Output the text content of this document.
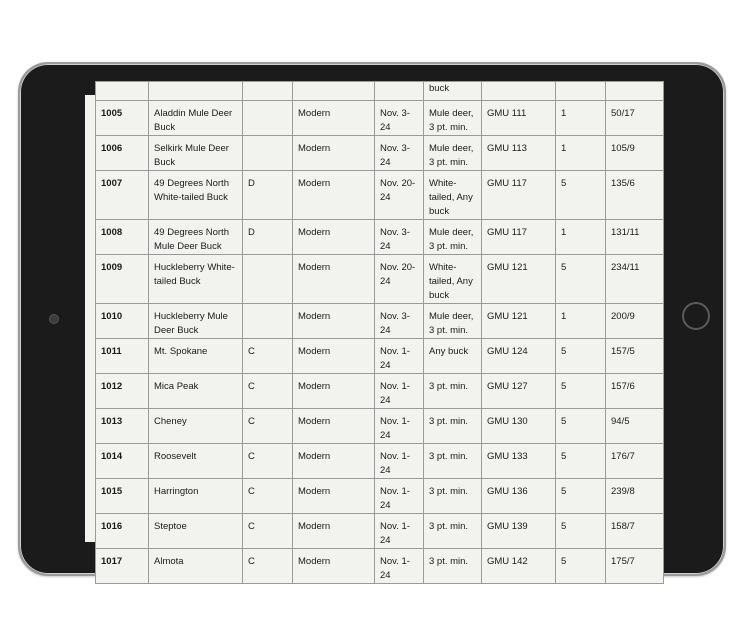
					buck			
1005	Aladdin Mule Deer Buck		Modern	Nov. 3-24	Mule deer, 3 pt. min.	GMU 111	1	50/17
1006	Selkirk Mule Deer Buck		Modern	Nov. 3-24	Mule deer, 3 pt. min.	GMU 113	1	105/9
1007	49 Degrees North White-tailed Buck	D	Modern	Nov. 20-24	White-tailed, Any buck	GMU 117	5	135/6
1008	49 Degrees North Mule Deer Buck	D	Modern	Nov. 3-24	Mule deer, 3 pt. min.	GMU 117	1	131/11
1009	Huckleberry White-tailed Buck		Modern	Nov. 20-24	White-tailed, Any buck	GMU 121	5	234/11
1010	Huckleberry Mule Deer Buck		Modern	Nov. 3-24	Mule deer, 3 pt. min.	GMU 121	1	200/9
1011	Mt. Spokane	C	Modern	Nov. 1-24	Any buck	GMU 124	5	157/5
1012	Mica Peak	C	Modern	Nov. 1-24	3 pt. min.	GMU 127	5	157/6
1013	Cheney	C	Modern	Nov. 1-24	3 pt. min.	GMU 130	5	94/5
1014	Roosevelt	C	Modern	Nov. 1-24	3 pt. min.	GMU 133	5	176/7
1015	Harrington	C	Modern	Nov. 1-24	3 pt. min.	GMU 136	5	239/8
1016	Steptoe	C	Modern	Nov. 1-24	3 pt. min.	GMU 139	5	158/7
1017	Almota	C	Modern	Nov. 1-24	3 pt. min.	GMU 142	5	175/7
